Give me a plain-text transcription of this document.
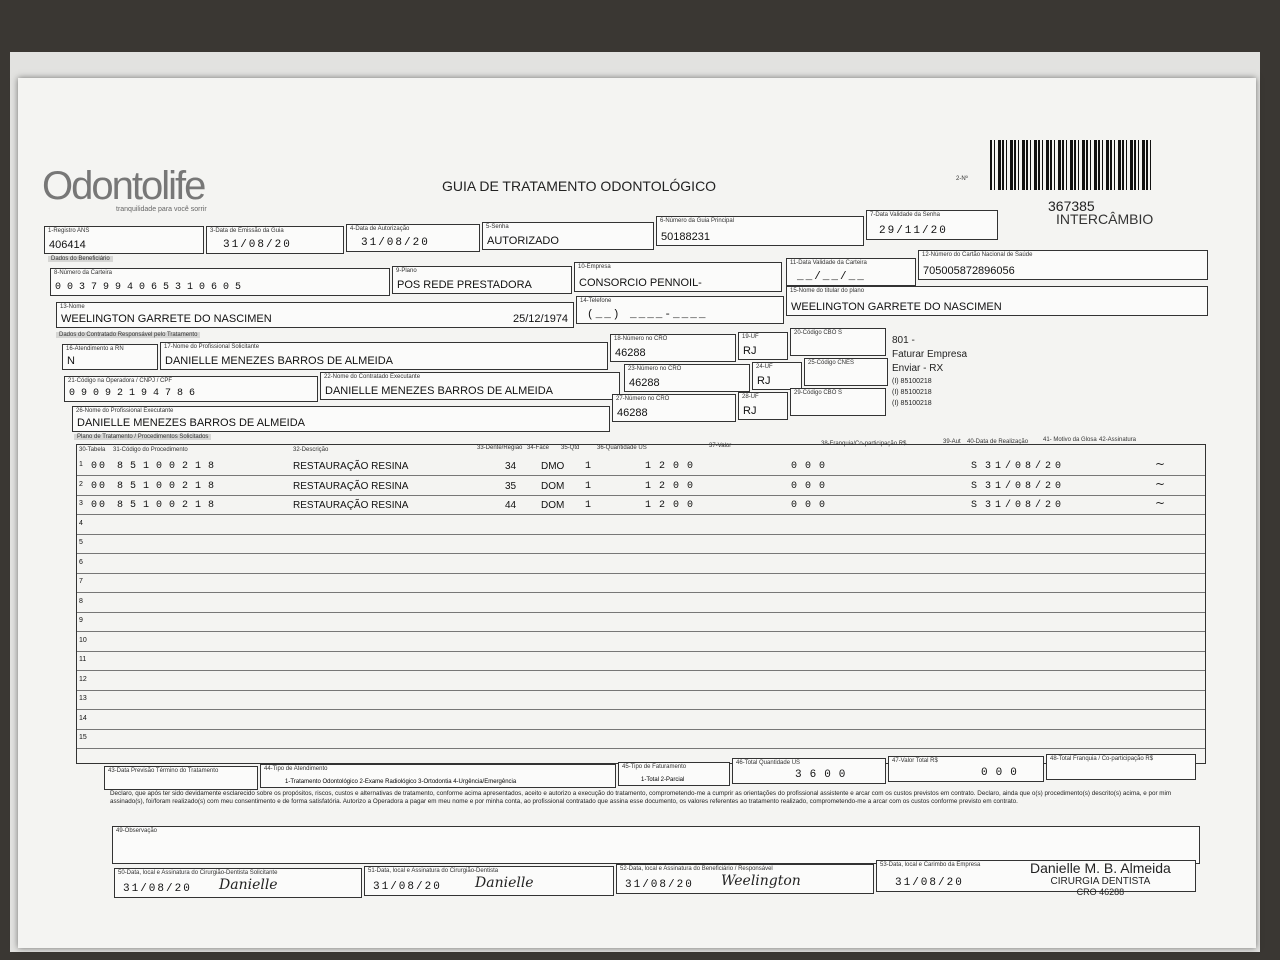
Odontolife
tranquilidade para você sorrir
GUIA DE TRATAMENTO ODONTOLÓGICO	2-Nº
367385
INTERCÂMBIO
1-Registro ANS
406414
3-Data de Emissão da Guia
31/08/20
4-Data de Autorização
31/08/20
5-Senha
AUTORIZADO
6-Número da Guia Principal
50188231
7-Data Validade da Senha
29/11/20
Dados do Beneficiário
8-Número da Carteira
0037994065310605
9-Plano
POS REDE PRESTADORA
10-Empresa
CONSORCIO PENNOIL-
11-Data Validade da Carteira
__/__/__
12-Número do Cartão Nacional de Saúde
705005872896056
13-Nome
WEELINGTON GARRETE DO NASCIMEN	25/12/1974
14-Telefone
(__) ____-____
15-Nome do titular do plano
WEELINGTON GARRETE DO NASCIMEN
Dados do Contratado Responsável pelo Tratamento
16-Atendimento a RN
N
17-Nome do Profissional Solicitante
DANIELLE MENEZES BARROS DE ALMEIDA
18-Número no CRO
46288
19-UF
RJ
20-Código CBO S
21-Código na Operadora / CNPJ / CPF
09092194786
22-Nome do Contratado Executante
DANIELLE MENEZES BARROS DE ALMEIDA
23-Número no CRO
46288
24-UF
RJ
25-Código CNES
26-Nome do Profissional Executante
DANIELLE MENEZES BARROS DE ALMEIDA
27-Número no CRO
46288
28-UF
RJ
29-Código CBO S
801 -
Faturar Empresa
Enviar - RX
(I) 85100218
(I) 85100218
(I) 85100218
Plano de Tratamento / Procedimentos Solicitados
30-Tabela 31-Código do Procedimento	32-Descrição	33-Dente/Região 34-Face 35-Qtd	36-Quantidade US	37-Valor	38-Franquia/Co-participação R$	39-Aut 40-Data de Realização 41- Motivo da Glosa 42-Assinatura
1 00 85100218	RESTAURAÇÃO RESINA	34 DMO 1	1200	000	S 31/08/20	~
2 00 85100218	RESTAURAÇÃO RESINA	35 DOM 1	1200	000	S 31/08/20	~
3 00 85100218	RESTAURAÇÃO RESINA	44 DOM 1	1200	000	S 31/08/20	~
4
5
6
7
8
9
10
11
12
13
14
15
43-Data Previsão Término do Tratamento	44-Tipo de Atendimento
1-Tratamento Odontológico 2-Exame Radiológico 3-Ortodontia 4-Urgência/Emergência
45-Tipo de Faturamento
1-Total 2-Parcial
46-Total Quantidade US
3600
47-Valor Total R$
000
48-Total Franquia / Co-participação R$
Declaro, que após ter sido devidamente esclarecido sobre os propósitos, riscos, custos e alternativas de tratamento, conforme acima apresentados, aceito e autorizo a execução do tratamento, comprometendo-me a cumprir as orientações do profissional assistente e arcar com os custos previstos em contrato. Declaro, ainda que o(s) procedimento(s) descrito(s) acima, e por mim assinado(s), foi/foram realizado(s) com meu consentimento e de forma satisfatória. Autorizo a Operadora a pagar em meu nome e por minha conta, ao profissional contratado que assina esse documento, os valores referentes ao tratamento realizado, comprometendo-me a arcar com os custos conforme previsto em contrato.
49-Observação
50-Data, local e Assinatura do Cirurgião-Dentista Solicitante
31/08/20 Danielle
51-Data, local e Assinatura do Cirurgião-Dentista
31/08/20 Danielle
52-Data, local e Assinatura do Beneficiário / Responsável
31/08/20 Weelington
53-Data, local e Carimbo da Empresa
31/08/20
Danielle M. B. Almeida
CIRURGIA DENTISTA
CRO 46288
